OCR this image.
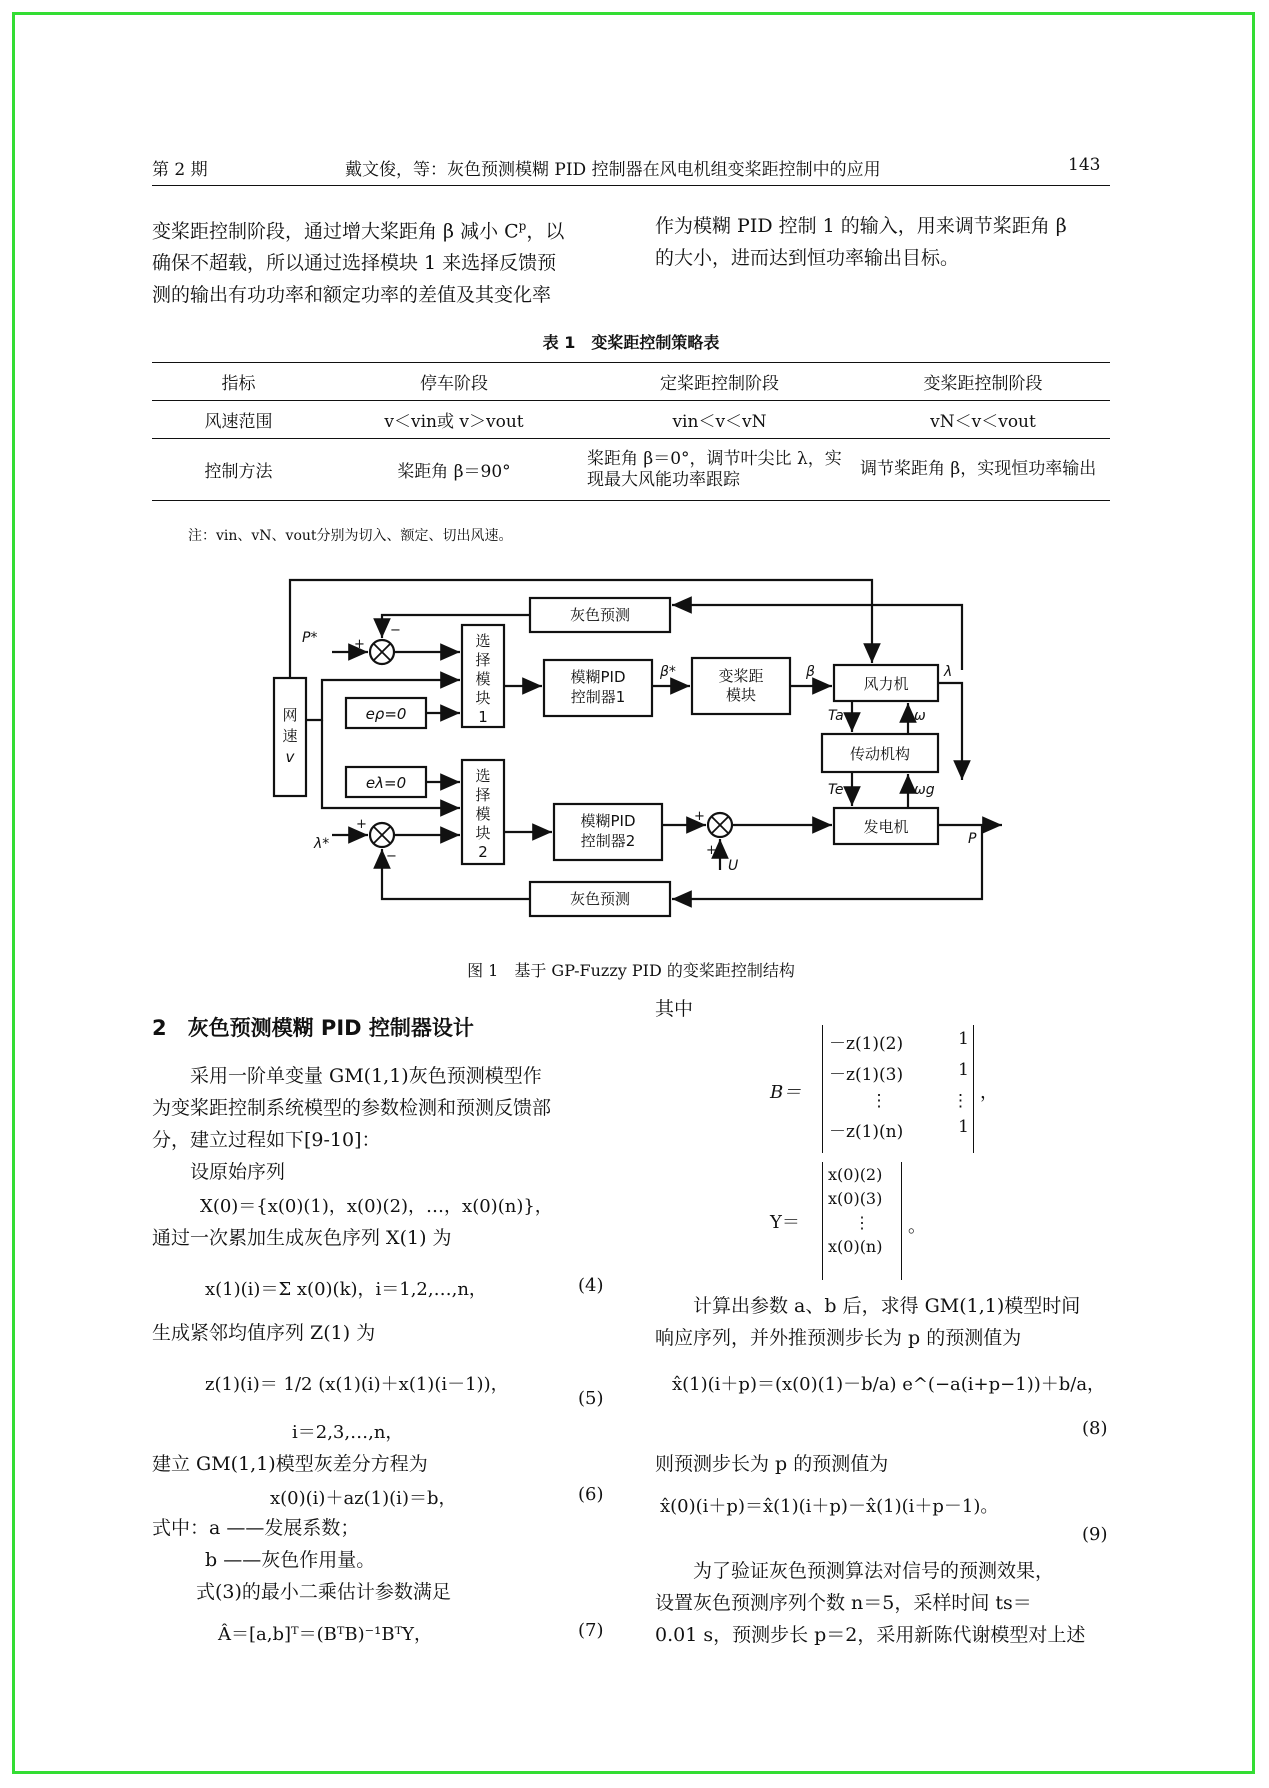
第 2 期	戴文俊，等：灰色预测模糊 PID 控制器在风电机组变桨距控制中的应用	143

变桨距控制阶段，通过增大桨距角 β 减小 $C^p$，以

确保不超载，所以通过选择模块 1 来选择反馈预

测的输出有功功率和额定功率的差值及其变化率

作为模糊 PID 控制 1 的输入，用来调节桨距角 β

的大小，进而达到恒功率输出目标。

表 1　变桨距控制策略表
指标	停车阶段	定桨距控制阶段	变桨距控制阶段
风速范围	v＜vin或 v＞vout	vin＜v＜vN	vN＜v＜vout
控制方法	桨距角 β＝90°	桨距角 β＝0°，调节叶尖比 λ，实现最大风能功率跟踪	调节桨距角 β，实现恒功率输出
注：vin、vN、vout分别为切入、额定、切出风速。
灰色预测
灰色预测
模糊PID
控制器1
模糊PID
控制器2
变桨距
模块
风力机
传动机构
发电机
网
速
v
eρ=0
eλ=0
选
择
模
块
1
选
择
模
块
2
P*
λ*
β*	β	λ
Ta	ω
Te	ωg
U
P
+
−
+
−
+
+
图 1　基于 GP-Fuzzy PID 的变桨距控制结构
2　灰色预测模糊 PID 控制器设计

采用一阶单变量 GM(1,1)灰色预测模型作

为变桨距控制系统模型的参数检测和预测反馈部

分，建立过程如下[9-10]：

设原始序列

X(0)＝{x(0)(1)，x(0)(2)，…，x(0)(n)}，
通过一次累加生成灰色序列 X(1) 为
x(1)(i)＝Σ x(0)(k)，i＝1,2,…,n，	(4)
生成紧邻均值序列 Z(1) 为
z(1)(i)＝ 1/2 (x(1)(i)＋x(1)(i－1))，
i＝2,3,…,n，
(5)
建立 GM(1,1)模型灰差分方程为
x(0)(i)＋az(1)(i)＝b，	(6)
式中：a ——发展系数；
b ——灰色作用量。
式(3)的最小二乘估计参数满足
Â＝[a,b]ᵀ＝(BᵀB)⁻¹BᵀY，	(7)
其中
B＝
－z(1)(2)	1
－z(1)(3)	1
⋮	⋮
－z(1)(n)	1
，
Y＝
x(0)(2)
x(0)(3)
⋮
x(0)(n)
。

计算出参数 a、b 后，求得 GM(1,1)模型时间

响应序列，并外推预测步长为 p 的预测值为

x̂(1)(i＋p)＝(x(0)(1)－b/a) e^(−a(i+p−1))＋b/a，
(8)
则预测步长为 p 的预测值为
x̂(0)(i＋p)＝x̂(1)(i＋p)－x̂(1)(i＋p－1)。
(9)

为了验证灰色预测算法对信号的预测效果，

设置灰色预测序列个数 n＝5，采样时间 ts＝

0.01 s，预测步长 p＝2，采用新陈代谢模型对上述
